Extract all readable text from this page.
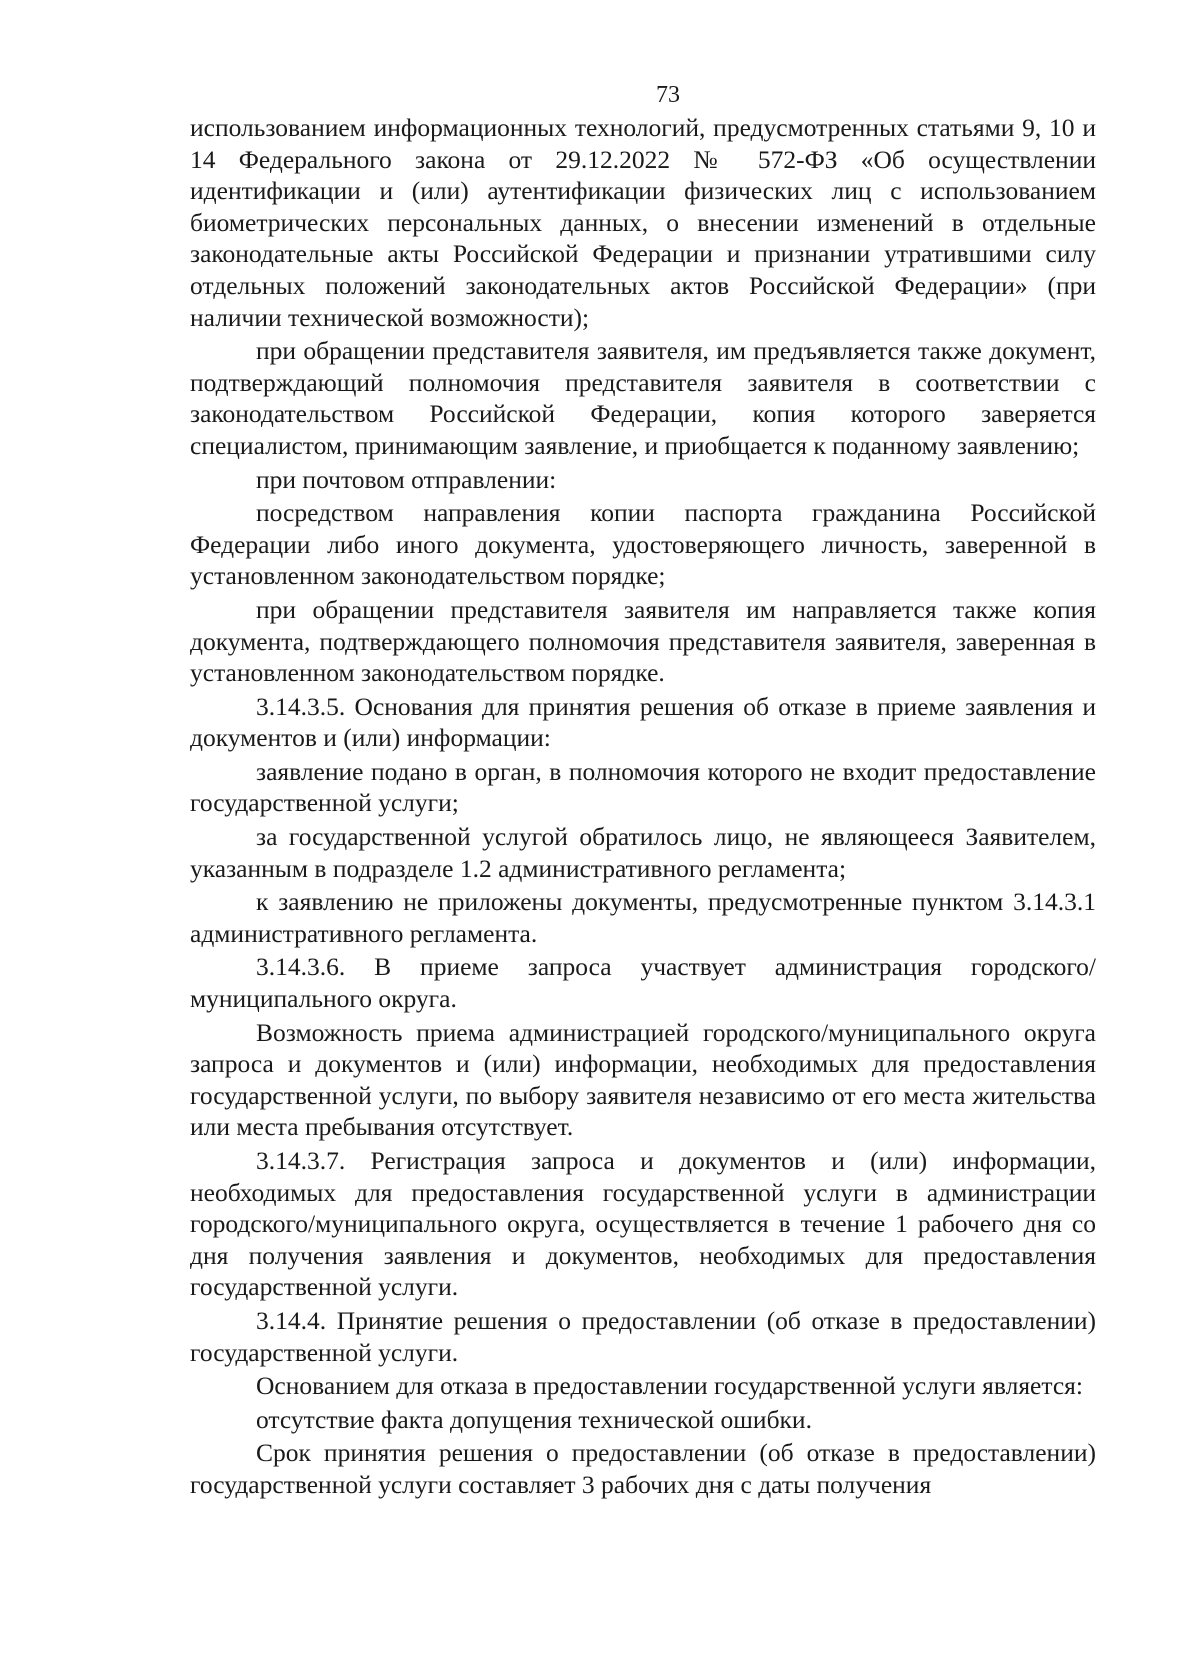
73

использованием информационных технологий, предусмотренных статьями 9, 10 и 14 Федерального закона от 29.12.2022 № 572-ФЗ «Об осуществлении идентификации и (или) аутентификации физических лиц с использованием биометрических персональных данных, о внесении изменений в отдельные законодательные акты Российской Федерации и признании утратившими силу отдельных положений законодательных актов Российской Федерации» (при наличии технической возможности);

при обращении представителя заявителя, им предъявляется также документ, подтверждающий полномочия представителя заявителя в соответствии с законодательством Российской Федерации, копия которого заверяется специалистом, принимающим заявление, и приобщается к поданному заявлению;

при почтовом отправлении:

посредством направления копии паспорта гражданина Российской Федерации либо иного документа, удостоверяющего личность, заверенной в установленном законодательством порядке;

при обращении представителя заявителя им направляется также копия документа, подтверждающего полномочия представителя заявителя, заверенная в установленном законодательством порядке.

3.14.3.5. Основания для принятия решения об отказе в приеме заявления и документов и (или) информации:

заявление подано в орган, в полномочия которого не входит предоставление государственной услуги;

за государственной услугой обратилось лицо, не являющееся Заявителем, указанным в подразделе 1.2 административного регламента;

к заявлению не приложены документы, предусмотренные пунктом 3.14.3.1 административного регламента.

3.14.3.6. В приеме запроса участвует администрация городского/муниципального округа.

Возможность приема администрацией городского/муниципального округа запроса и документов и (или) информации, необходимых для предоставления государственной услуги, по выбору заявителя независимо от его места жительства или места пребывания отсутствует.

3.14.3.7. Регистрация запроса и документов и (или) информации, необходимых для предоставления государственной услуги в администрации городского/муниципального округа, осуществляется в течение 1 рабочего дня со дня получения заявления и документов, необходимых для предоставления государственной услуги.

3.14.4. Принятие решения о предоставлении (об отказе в предоставлении) государственной услуги.

Основанием для отказа в предоставлении государственной услуги является:

отсутствие факта допущения технической ошибки.

Срок принятия решения о предоставлении (об отказе в предоставлении) государственной услуги составляет 3 рабочих дня с даты получения
